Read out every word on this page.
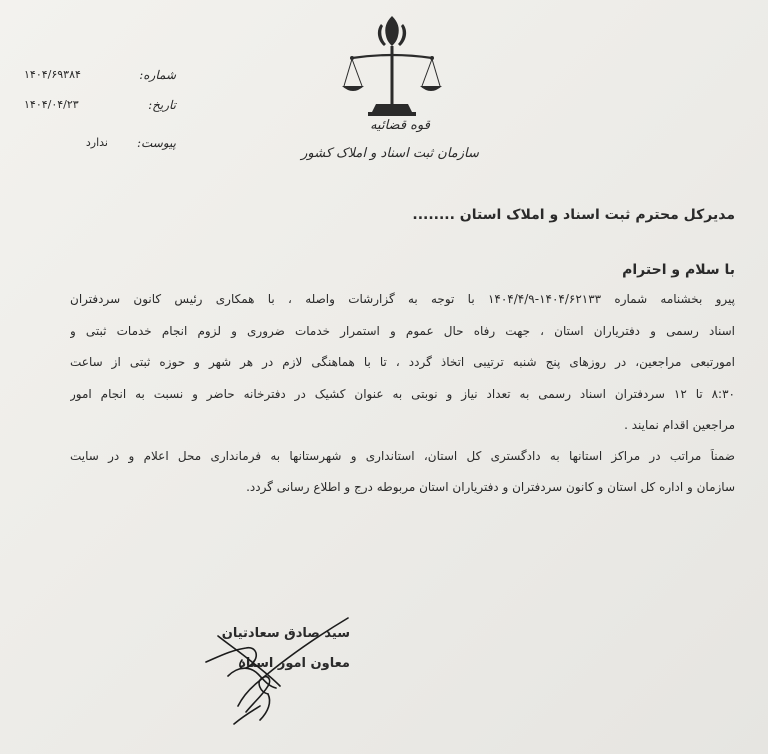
قوه قضائیه
سازمان ثبت اسناد و املاک کشور
شماره:
۱۴۰۴/۶۹۳۸۴
تاریخ:
۱۴۰۴/۰۴/۲۳
پیوست:
ندارد
مدیرکل محترم ثبت اسناد و املاک استان ........
با سلام و احترام
پیرو بخشنامه شماره ۱۴۰۴/۶۲۱۳۳-۱۴۰۴/۴/۹ با توجه به گزارشات واصله ، با همکاری رئیس کانون سردفتران
اسناد رسمی و دفترياران استان ، جهت رفاه حال عموم و استمرار خدمات ضروری و لزوم انجام خدمات ثبتی و
امورتبعی مراجعین، در روزهای پنج شنبه ترتیبی اتخاذ گردد ، تا با هماهنگی لازم در هر شهر و حوزه ثبتی از ساعت
۸:۳۰ تا ۱۲ سردفتران اسناد رسمی به تعداد نیاز و نوبتی به عنوان کشیک در دفترخانه حاضر و نسبت به انجام امور
مراجعین اقدام نمایند .
ضمناً مراتب در مراکز استانها به دادگستری کل استان، استانداری و شهرستانها به فرمانداری محل اعلام و در سایت
سازمان و اداره کل استان و کانون سردفتران و دفترياران استان مربوطه درج و اطلاع رسانی گردد.
سید صادق سعادتیان
معاون امور اسناد
